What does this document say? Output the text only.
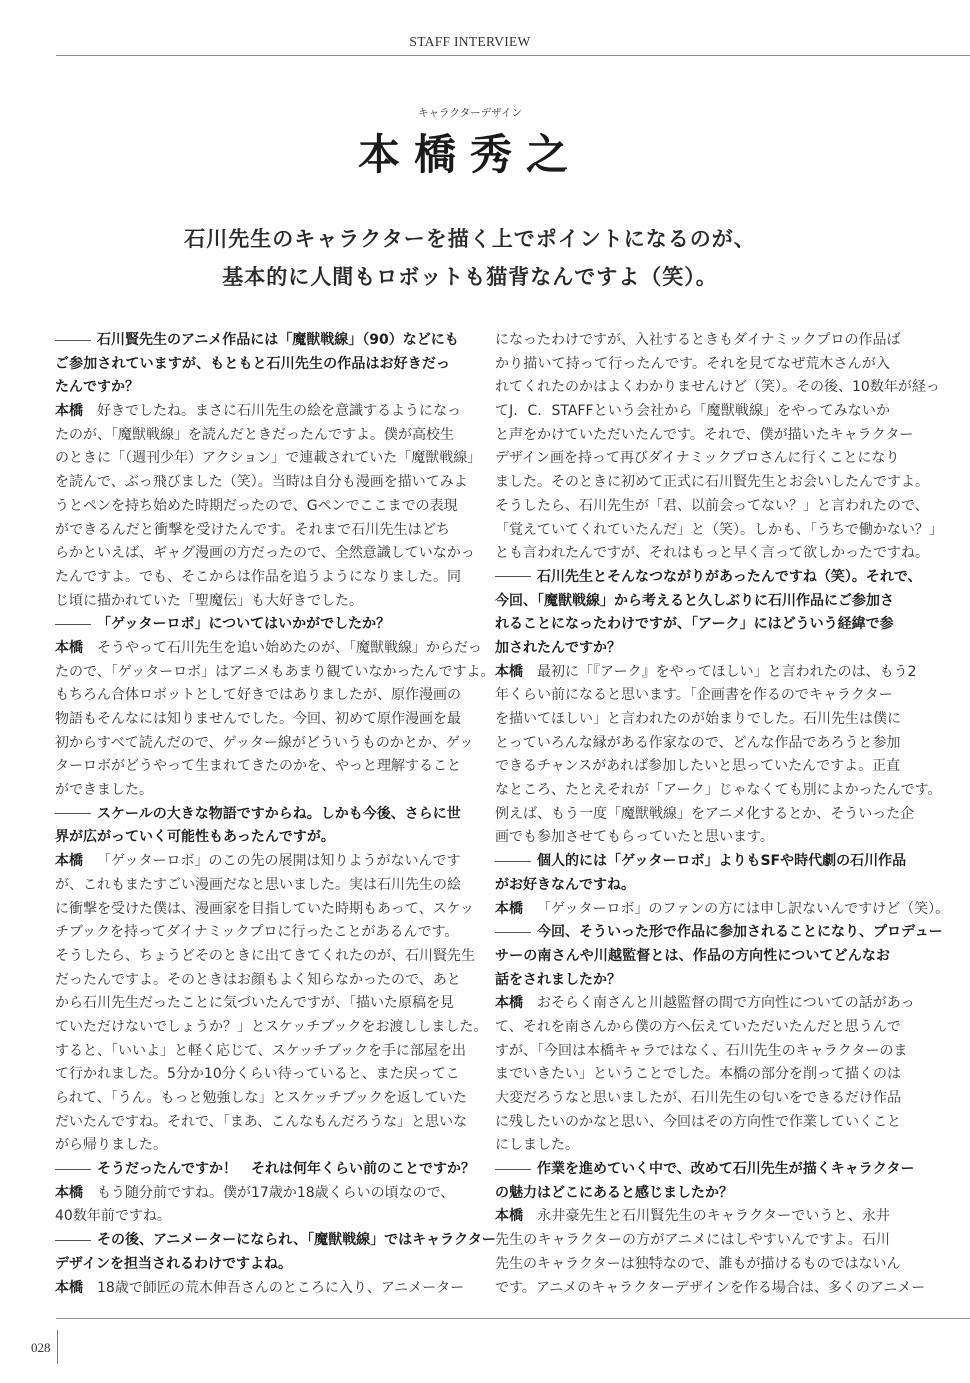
STAFF INTERVIEW
キャラクターデザイン
本橋秀之
石川先生のキャラクターを描く上でポイントになるのが、
基本的に人間もロボットも猫背なんですよ（笑）。
石川賢先生のアニメ作品には「魔獣戦線」（90）などにも
ご参加されていますが、もともと石川先生の作品はお好きだっ
たんですか？
本橋 好きでしたね。まさに石川先生の絵を意識するようになっ
たのが、「魔獣戦線」を読んだときだったんですよ。僕が高校生
のときに「（週刊少年）アクション」で連載されていた「魔獣戦線」
を読んで、ぶっ飛びました（笑）。当時は自分も漫画を描いてみよ
うとペンを持ち始めた時期だったので、Gペンでここまでの表現
ができるんだと衝撃を受けたんです。それまで石川先生はどち
らかといえば、ギャグ漫画の方だったので、全然意識していなかっ
たんですよ。でも、そこからは作品を追うようになりました。同
じ頃に描かれていた「聖魔伝」も大好きでした。
「ゲッターロボ」についてはいかがでしたか？
本橋 そうやって石川先生を追い始めたのが、「魔獣戦線」からだっ
たので、「ゲッターロボ」はアニメもあまり観ていなかったんですよ。
もちろん合体ロボットとして好きではありましたが、原作漫画の
物語もそんなには知りませんでした。今回、初めて原作漫画を最
初からすべて読んだので、ゲッター線がどういうものかとか、ゲッ
ターロボがどうやって生まれてきたのかを、やっと理解すること
ができました。
スケールの大きな物語ですからね。しかも今後、さらに世
界が広がっていく可能性もあったんですが。
本橋 「ゲッターロボ」のこの先の展開は知りようがないんです
が、これもまたすごい漫画だなと思いました。実は石川先生の絵
に衝撃を受けた僕は、漫画家を目指していた時期もあって、スケッ
チブックを持ってダイナミックプロに行ったことがあるんです。
そうしたら、ちょうどそのときに出てきてくれたのが、石川賢先生
だったんですよ。そのときはお顔もよく知らなかったので、あと
から石川先生だったことに気づいたんですが、「描いた原稿を見
ていただけないでしょうか？」とスケッチブックをお渡ししました。
すると、「いいよ」と軽く応じて、スケッチブックを手に部屋を出
て行かれました。5分か10分くらい待っていると、また戻ってこ
られて、「うん。もっと勉強しな」とスケッチブックを返していた
だいたんですね。それで、「まあ、こんなもんだろうな」と思いな
がら帰りました。
そうだったんですか！　それは何年くらい前のことですか？
本橋 もう随分前ですね。僕が17歳か18歳くらいの頃なので、
40数年前ですね。
その後、アニメーターになられ、「魔獣戦線」ではキャラクター
デザインを担当されるわけですよね。
本橋 18歳で師匠の荒木伸吾さんのところに入り、アニメーター
になったわけですが、入社するときもダイナミックプロの作品ば
かり描いて持って行ったんです。それを見てなぜ荒木さんが入
れてくれたのかはよくわかりませんけど（笑）。その後、10数年が経っ
てJ．C．STAFFという会社から「魔獣戦線」をやってみないか
と声をかけていただいたんです。それで、僕が描いたキャラクター
デザイン画を持って再びダイナミックプロさんに行くことになり
ました。そのときに初めて正式に石川賢先生とお会いしたんですよ。
そうしたら、石川先生が「君、以前会ってない？」と言われたので、
「覚えていてくれていたんだ」と（笑）。しかも、「うちで働かない？」
とも言われたんですが、それはもっと早く言って欲しかったですね。
石川先生とそんなつながりがあったんですね（笑）。それで、
今回、「魔獣戦線」から考えると久しぶりに石川作品にご参加さ
れることになったわけですが、「アーク」にはどういう経緯で参
加されたんですか？
本橋 最初に「『アーク』をやってほしい」と言われたのは、もう2
年くらい前になると思います。「企画書を作るのでキャラクター
を描いてほしい」と言われたのが始まりでした。石川先生は僕に
とっていろんな縁がある作家なので、どんな作品であろうと参加
できるチャンスがあれば参加したいと思っていたんですよ。正直
なところ、たとえそれが「アーク」じゃなくても別によかったんです。
例えば、もう一度「魔獣戦線」をアニメ化するとか、そういった企
画でも参加させてもらっていたと思います。
個人的には「ゲッターロボ」よりもSFや時代劇の石川作品
がお好きなんですね。
本橋 「ゲッターロボ」のファンの方には申し訳ないんですけど（笑）。
今回、そういった形で作品に参加されることになり、プロデュー
サーの南さんや川越監督とは、作品の方向性についてどんなお
話をされましたか？
本橋 おそらく南さんと川越監督の間で方向性についての話があっ
て、それを南さんから僕の方へ伝えていただいたんだと思うんで
すが、「今回は本橋キャラではなく、石川先生のキャラクターのま
までいきたい」ということでした。本橋の部分を削って描くのは
大変だろうなと思いましたが、石川先生の匂いをできるだけ作品
に残したいのかなと思い、今回はその方向性で作業していくこと
にしました。
作業を進めていく中で、改めて石川先生が描くキャラクター
の魅力はどこにあると感じましたか？
本橋 永井豪先生と石川賢先生のキャラクターでいうと、永井
先生のキャラクターの方がアニメにはしやすいんですよ。石川
先生のキャラクターは独特なので、誰もが描けるものではないん
です。アニメのキャラクターデザインを作る場合は、多くのアニメー
028
